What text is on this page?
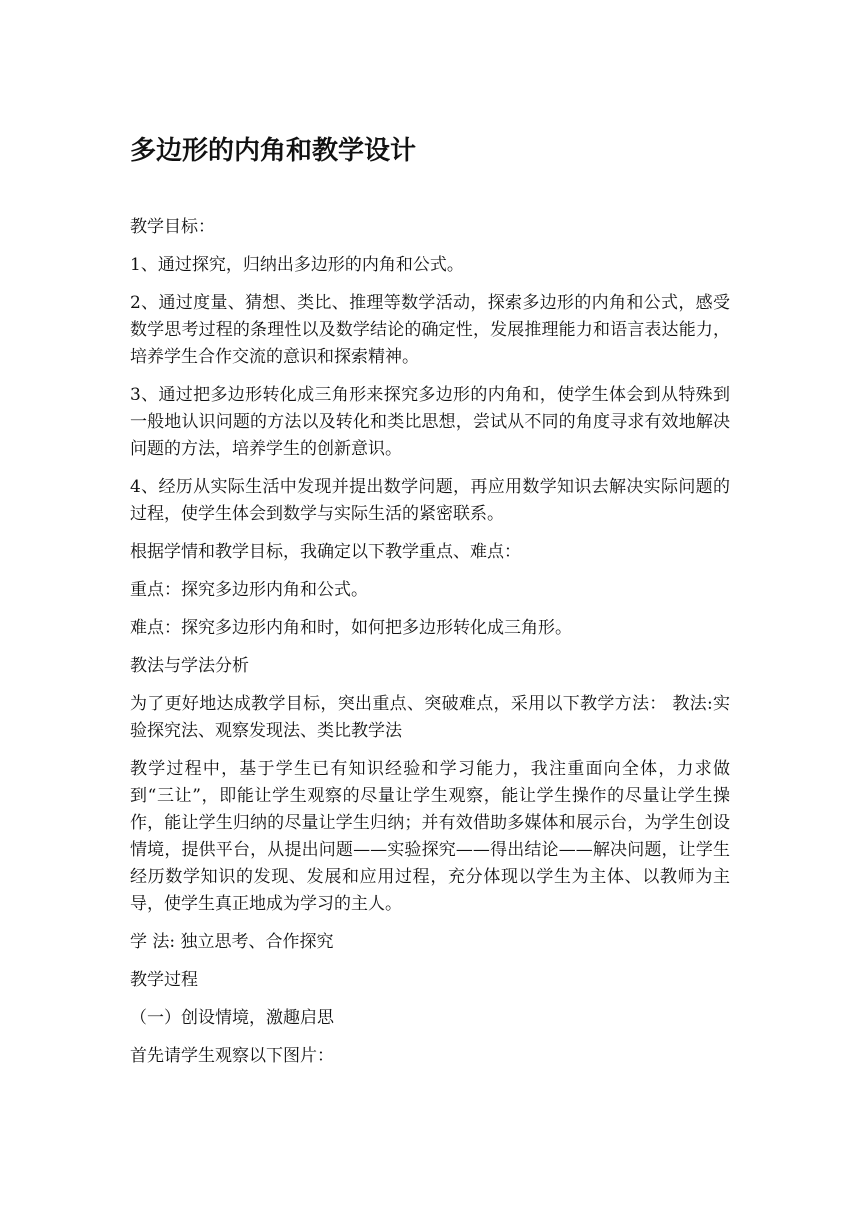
多边形的内角和教学设计

教学目标：

1、通过探究，归纳出多边形的内角和公式。

2、通过度量、猜想、类比、推理等数学活动，探索多边形的内角和公式，感受数学思考过程的条理性以及数学结论的确定性，发展推理能力和语言表达能力，培养学生合作交流的意识和探索精神。

3、通过把多边形转化成三角形来探究多边形的内角和，使学生体会到从特殊到一般地认识问题的方法以及转化和类比思想，尝试从不同的角度寻求有效地解决问题的方法，培养学生的创新意识。

4、经历从实际生活中发现并提出数学问题，再应用数学知识去解决实际问题的过程，使学生体会到数学与实际生活的紧密联系。

根据学情和教学目标，我确定以下教学重点、难点：

重点：探究多边形内角和公式。

难点：探究多边形内角和时，如何把多边形转化成三角形。

教法与学法分析

为了更好地达成教学目标，突出重点、突破难点，采用以下教学方法： 教法:实验探究法、观察发现法、类比教学法

教学过程中，基于学生已有知识经验和学习能力，我注重面向全体，力求做到“三让”，即能让学生观察的尽量让学生观察，能让学生操作的尽量让学生操作，能让学生归纳的尽量让学生归纳；并有效借助多媒体和展示台，为学生创设情境，提供平台，从提出问题——实验探究——得出结论——解决问题，让学生经历数学知识的发现、发展和应用过程，充分体现以学生为主体、以教师为主导，使学生真正地成为学习的主人。

学 法: 独立思考、合作探究

教学过程

（一）创设情境，激趣启思

首先请学生观察以下图片：
